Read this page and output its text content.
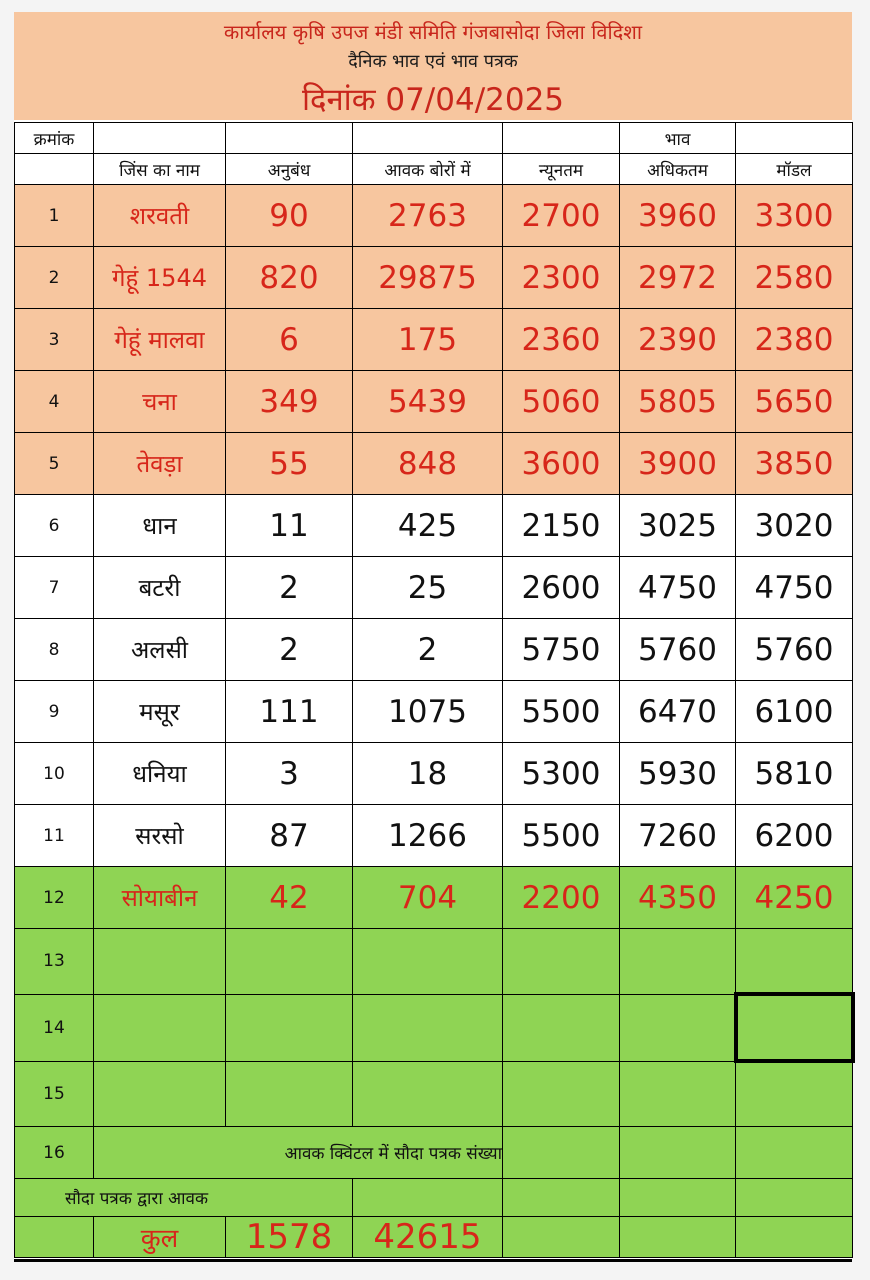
कार्यालय कृषि उपज मंडी समिति गंजबासोदा जिला विदिशा
दैनिक भाव एवं भाव पत्रक
दिनांक 07/04/2025
क्रमांक					भाव	
	जिंस का नाम	अनुबंध	आवक बोरों में	न्यूनतम	अधिकतम	मॉडल
1	शरवती	90	2763	2700	3960	3300
2	गेहूं 1544	820	29875	2300	2972	2580
3	गेहूं मालवा	6	175	2360	2390	2380
4	चना	349	5439	5060	5805	5650
5	तेवड़ा	55	848	3600	3900	3850
6	धान	11	425	2150	3025	3020
7	बटरी	2	25	2600	4750	4750
8	अलसी	2	2	5750	5760	5760
9	मसूर	111	1075	5500	6470	6100
10	धनिया	3	18	5300	5930	5810
11	सरसो	87	1266	5500	7260	6200
12	सोयाबीन	42	704	2200	4350	4250
13						
14						
15						
16	आवक क्विंटल में सौदा पत्रक संख्या					
सौदा पत्रक द्वारा आवक						
	कुल	1578	42615			
